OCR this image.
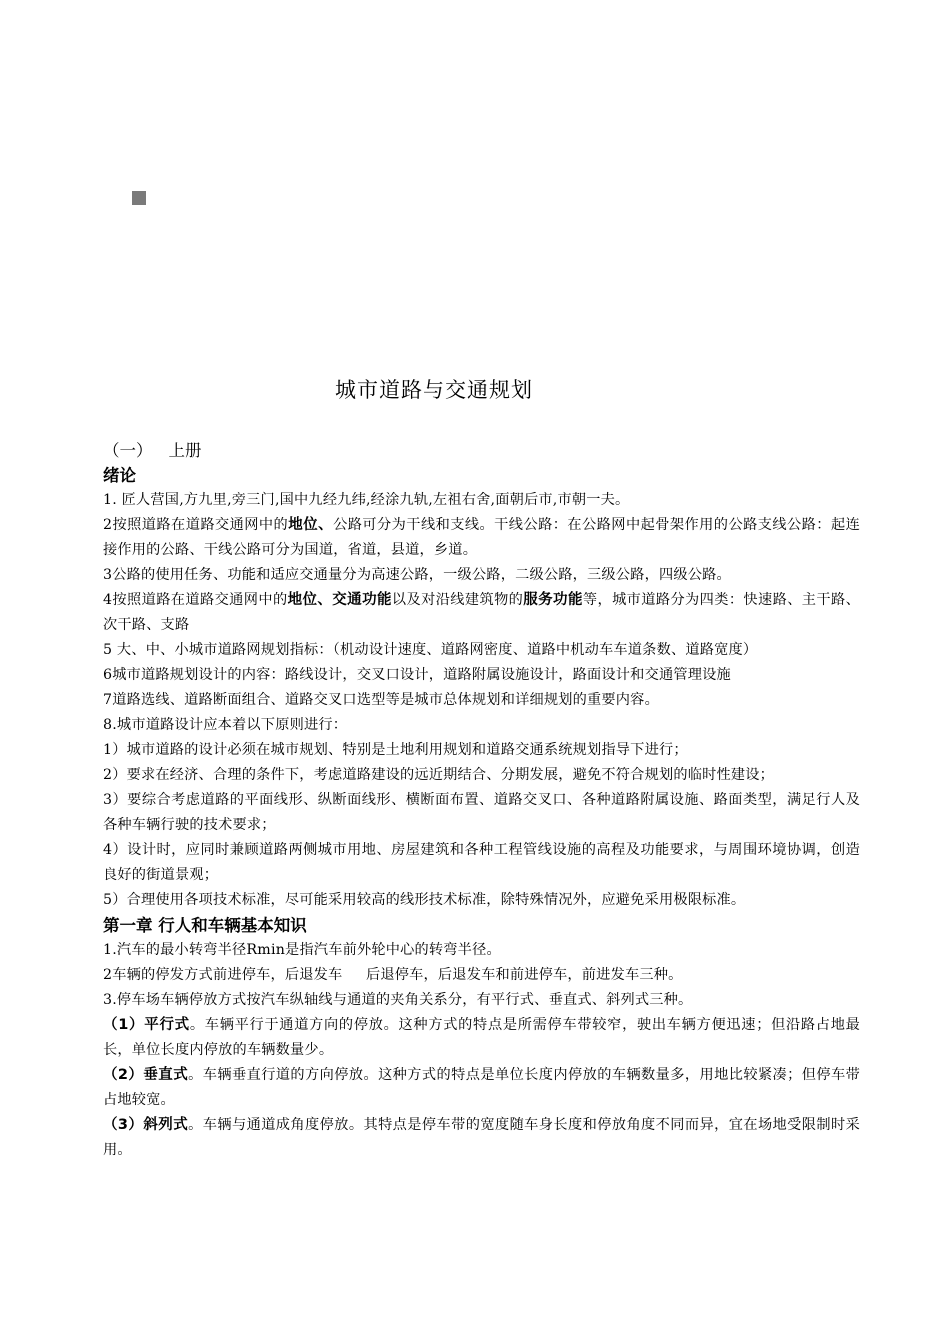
城市道路与交通规划

（一） 上册

绪论

1. 匠人营国,方九里,旁三门,国中九经九纬,经涂九轨,左祖右舍,面朝后市,市朝一夫。

2按照道路在道路交通网中的地位、公路可分为干线和支线。干线公路：在公路网中起骨架作用的公路支线公路：起连接作用的公路、干线公路可分为国道，省道，县道，乡道。

3公路的使用任务、功能和适应交通量分为高速公路，一级公路，二级公路，三级公路，四级公路。

4按照道路在道路交通网中的地位、交通功能以及对沿线建筑物的服务功能等，城市道路分为四类：快速路、主干路、次干路、支路

5 大、中、小城市道路网规划指标：（机动设计速度、道路网密度、道路中机动车车道条数、道路宽度）

6城市道路规划设计的内容：路线设计，交叉口设计，道路附属设施设计，路面设计和交通管理设施

7道路选线、道路断面组合、道路交叉口选型等是城市总体规划和详细规划的重要内容。

8.城市道路设计应本着以下原则进行：

1）城市道路的设计必须在城市规划、特别是土地利用规划和道路交通系统规划指导下进行；

2）要求在经济、合理的条件下，考虑道路建设的远近期结合、分期发展，避免不符合规划的临时性建设；

3）要综合考虑道路的平面线形、纵断面线形、横断面布置、道路交叉口、各种道路附属设施、路面类型，满足行人及各种车辆行驶的技术要求；

4）设计时，应同时兼顾道路两侧城市用地、房屋建筑和各种工程管线设施的高程及功能要求，与周围环境协调，创造良好的街道景观；

5）合理使用各项技术标准，尽可能采用较高的线形技术标准，除特殊情况外，应避免采用极限标准。

第一章 行人和车辆基本知识

1.汽车的最小转弯半径Rmin是指汽车前外轮中心的转弯半径。

2车辆的停发方式前进停车，后退发车     后退停车，后退发车和前进停车，前进发车三种。

3.停车场车辆停放方式按汽车纵轴线与通道的夹角关系分，有平行式、垂直式、斜列式三种。

（1）平行式。车辆平行于通道方向的停放。这种方式的特点是所需停车带较窄，驶出车辆方便迅速；但沿路占地最长，单位长度内停放的车辆数量少。

（2）垂直式。车辆垂直行道的方向停放。这种方式的特点是单位长度内停放的车辆数量多，用地比较紧凑；但停车带占地较宽。

（3）斜列式。车辆与通道成角度停放。其特点是停车带的宽度随车身长度和停放角度不同而异，宜在场地受限制时采用。
